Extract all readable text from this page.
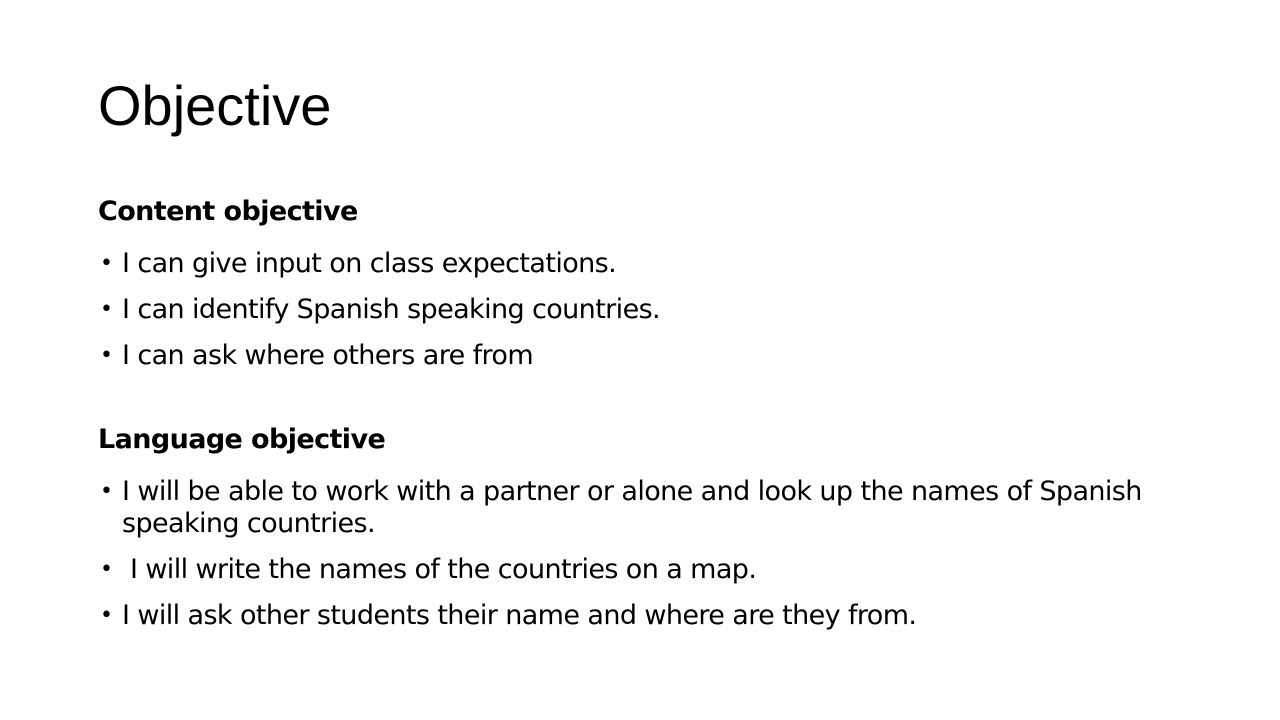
Objective
Content objective
• I can give input on class expectations.
• I can identify Spanish speaking countries.
• I can ask where others are from
Language objective
• I will be able to work with a partner or alone and look up the names of Spanish speaking countries.
• I will write the names of the countries on a map.
• I will ask other students their name and where are they from.
